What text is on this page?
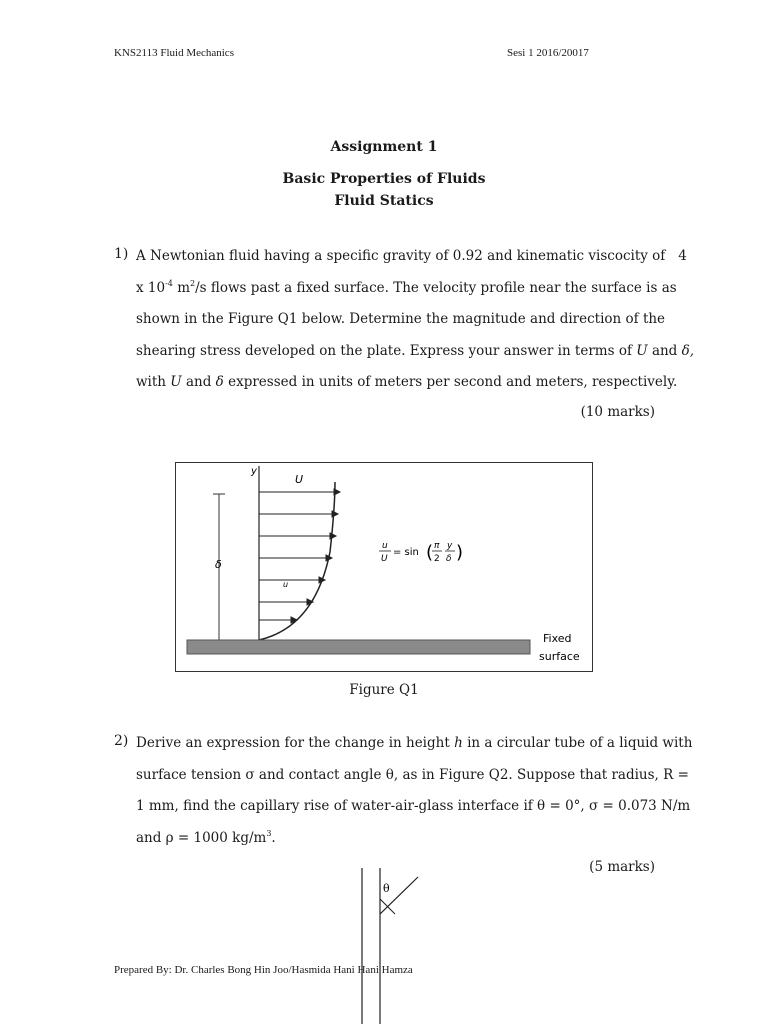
KNS2113 Fluid Mechanics	Sesi 1 2016/20017
Assignment 1
Basic Properties of Fluids
Fluid Statics
1) A Newtonian fluid having a specific gravity of 0.92 and kinematic viscocity of 4
x $10^{-4}$ $m^2/s$ flows past a fixed surface. The velocity profile near the surface is as
shown in the Figure Q1 below. Determine the magnitude and direction of the
shearing stress developed on the plate. Express your answer in terms of U and δ,
with U and δ expressed in units of meters per second and meters, respectively.
(10 marks)
y
U
δ
u
u
U
= sin ( π
2
y
δ )
Fixed
surface
Figure Q1
2) Derive an expression for the change in height h in a circular tube of a liquid with
surface tension σ and contact angle θ, as in Figure Q2. Suppose that radius, R =
1 mm, find the capillary rise of water-air-glass interface if θ = 0°, σ = 0.073 N/m
and ρ = 1000 $kg/m^3$.
(5 marks)
θ
Prepared By: Dr. Charles Bong Hin Joo/Hasmida Hani Hani Hamza
